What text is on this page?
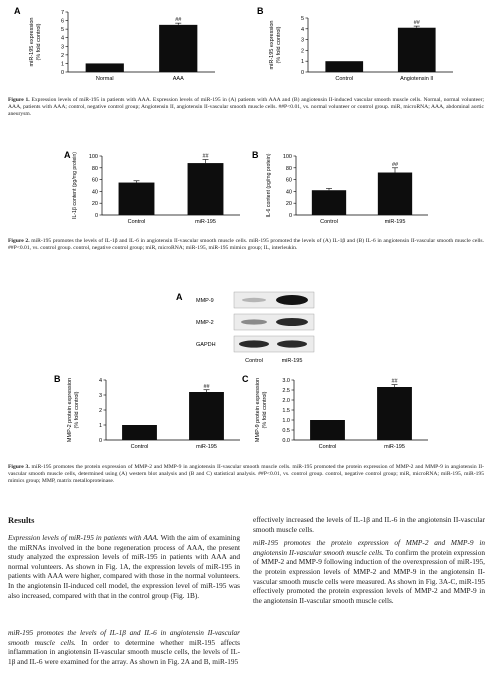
A
miR-195 expression (% fold control)
0
1
2
3
4
5
6
7
Normal
##
AAA
B
miR-195 expression (% fold control)
0
1
2
3
4
5
Control
##
Angiotensin II
Figure 1. Expression levels of miR-195 in patients with AAA. Expression levels of miR-195 in (A) patients with AAA and (B) angiotensin II-induced vascular smooth muscle cells. Normal, normal volunteer; AAA, patients with AAA; control, negative control group; Angiotensin II, angiotensin II-vascular smooth muscle cells. ##P<0.01, vs. normal volunteer or control group. miR, microRNA; AAA, abdominal aortic aneurysm.
A IL-1β content (pg/mg protein)	0
20
40
60
80
100
Control
##
miR-195
B IL-6 content (pg/mg protein)	0
20
40
60
80
100
Control
##
miR-195
Figure 2. miR-195 promotes the levels of IL-1β and IL-6 in angiotensin II-vascular smooth muscle cells. miR-195 promoted the levels of (A) IL-1β and (B) IL-6 in angiotensin II-vascular smooth muscle cells. ##P<0.01, vs. control group. control, negative control group; miR, microRNA; miR-195, miR-195 mimics group; IL, interleukin.
A MMP-9
MMP-2
GAPDH
Control	miR-195
B MMP-2 protein expression (% fold control)
0
1
2
3
4
Control
##
miR-195
C MMP-9 protein expression (% fold control)
0.0
0.5
1.0
1.5
2.0
2.5
3.0
Control
##
miR-195
Figure 3. miR-195 promotes the protein expression of MMP-2 and MMP-9 in angiotensin II-vascular smooth muscle cells. miR-195 promoted the protein expression of MMP-2 and MMP-9 in angiotensin II-vascular smooth muscle cells, determined using (A) western blot analysis and (B and C) statistical analysis. ##P<0.01, vs. control group. control, negative control group; miR, microRNA; miR-195, miR-195 mimics group; MMP, matrix metalloproteinase.
Results
Expression levels of miR-195 in patients with AAA. With the aim of examining the miRNAs involved in the bone regeneration process of AAA, the present study analyzed the expression levels of miR-195 in patients with AAA and normal volunteers. As shown in Fig. 1A, the expression levels of miR-195 in patients with AAA were higher, compared with those in the normal volunteers. In the angiotensin II-induced cell model, the expression level of miR-195 was also increased, compared with that in the control group (Fig. 1B).
miR-195 promotes the levels of IL-1β and IL-6 in angiotensin II-vascular smooth muscle cells. In order to determine whether miR-195 affects inflammation in angiotensin II-vascular smooth muscle cells, the levels of IL-1β and IL-6 were examined for the array. As shown in Fig. 2A and B, miR-195
miR-195 promotes the protein expression of MMP-2 and MMP-9 in angiotensin II-vascular smooth muscle cells. To confirm the protein expression of MMP-2 and MMP-9 following induction of the overexpression of miR-195, the protein expression levels of MMP-2 and MMP-9 in the angiotensin II-vascular smooth muscle cells were measured. As shown in Fig. 3A-C, miR-195 effectively promoted the protein expression levels of MMP-2 and MMP-9 in the angiotensin II-vascular smooth muscle cells.
effectively increased the levels of IL-1β and IL-6 in the angiotensin II-vascular smooth muscle cells.
